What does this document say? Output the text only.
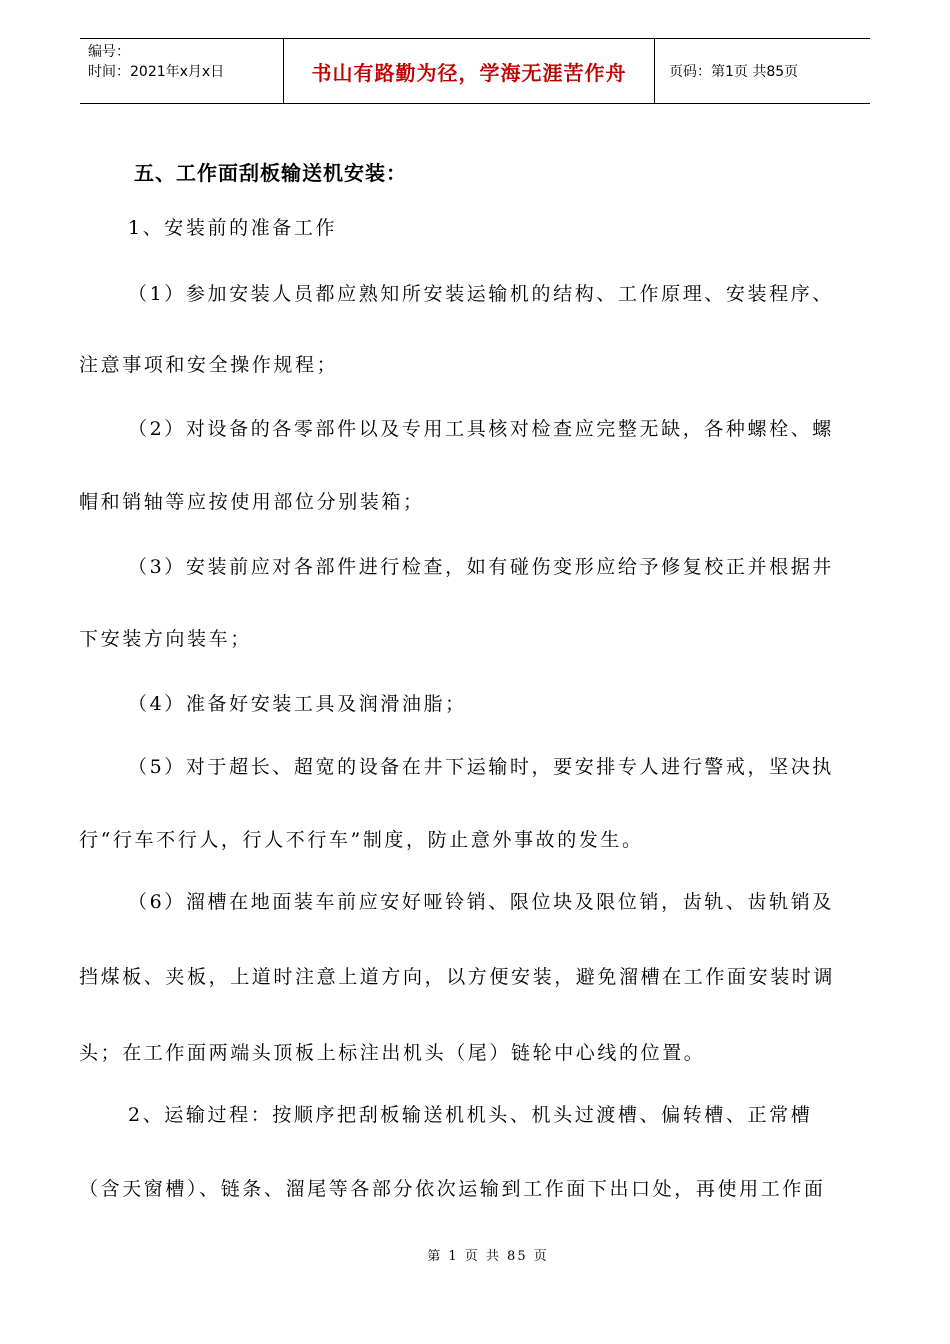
编号：
时间：2021年x月x日	书山有路勤为径，学海无涯苦作舟	页码：第1页 共85页
五、工作面刮板输送机安装：
1、安装前的准备工作
（1）参加安装人员都应熟知所安装运输机的结构、工作原理、安装程序、
注意事项和安全操作规程；
（2）对设备的各零部件以及专用工具核对检查应完整无缺，各种螺栓、螺
帽和销轴等应按使用部位分别装箱；
（3）安装前应对各部件进行检查，如有碰伤变形应给予修复校正并根据井
下安装方向装车；
（4）准备好安装工具及润滑油脂；
（5）对于超长、超宽的设备在井下运输时，要安排专人进行警戒，坚决执
行“行车不行人，行人不行车”制度，防止意外事故的发生。
（6）溜槽在地面装车前应安好哑铃销、限位块及限位销，齿轨、齿轨销及
挡煤板、夹板，上道时注意上道方向，以方便安装，避免溜槽在工作面安装时调
头；在工作面两端头顶板上标注出机头（尾）链轮中心线的位置。
2、运输过程：按顺序把刮板输送机机头、机头过渡槽、偏转槽、正常槽
（含天窗槽）、链条、溜尾等各部分依次运输到工作面下出口处，再使用工作面
第 1 页 共 85 页
